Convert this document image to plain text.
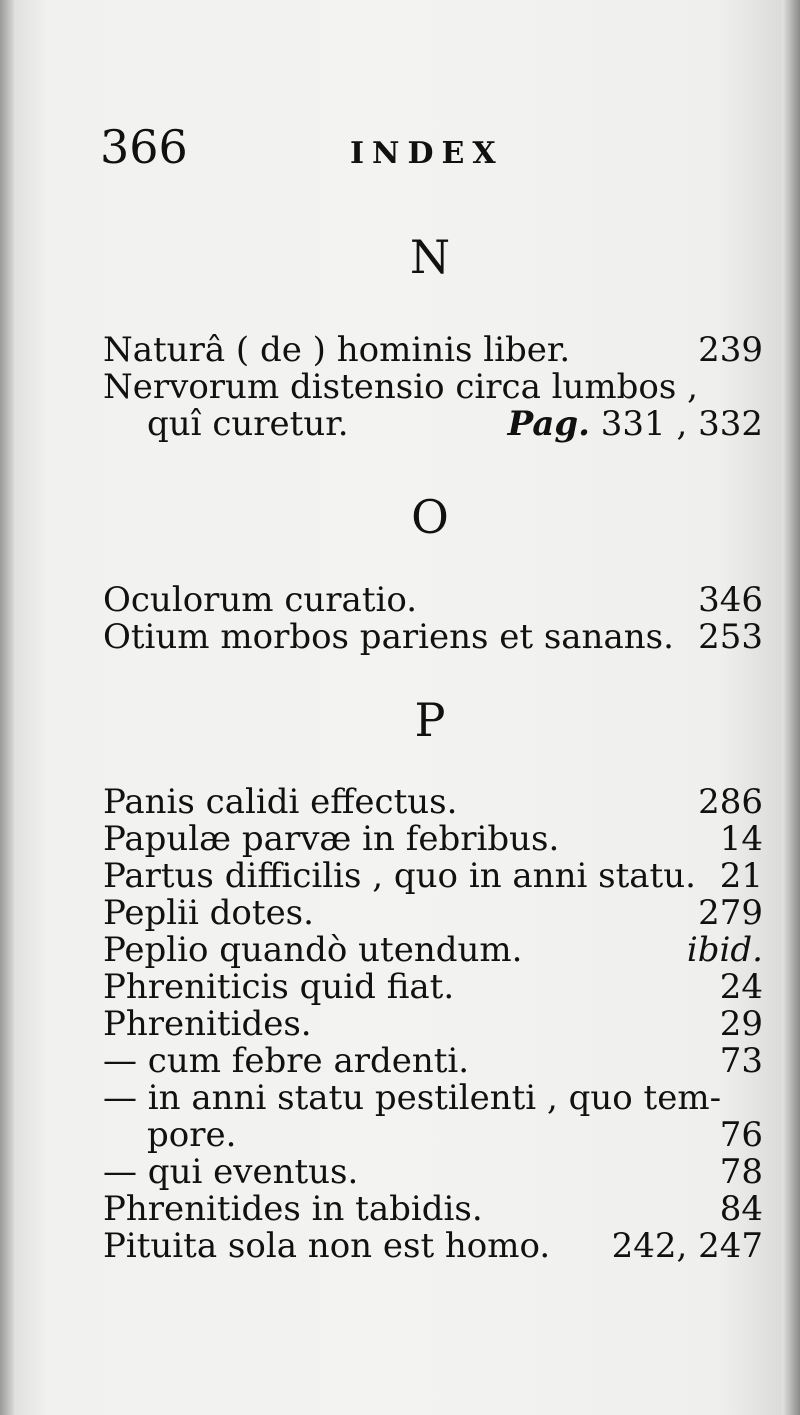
366	INDEX
N
Naturâ ( de ) hominis liber.	239
Nervorum distensio circa lumbos ,
quî curetur.	Pag. 331 , 332
O
Oculorum curatio.	346
Otium morbos pariens et sanans. 253
P
Panis calidi effectus.	286
Papulæ parvæ in febribus.	14
Partus difficilis , quo in anni statu. 21
Peplii dotes.	279
Peplio quandò utendum.	ibid.
Phreniticis quid fiat.	24
Phrenitides.	29
— cum febre ardenti.	73
— in anni statu pestilenti , quo tem-
pore.	76
— qui eventus.	78
Phrenitides in tabidis.	84
Pituita sola non est homo. 242, 247
